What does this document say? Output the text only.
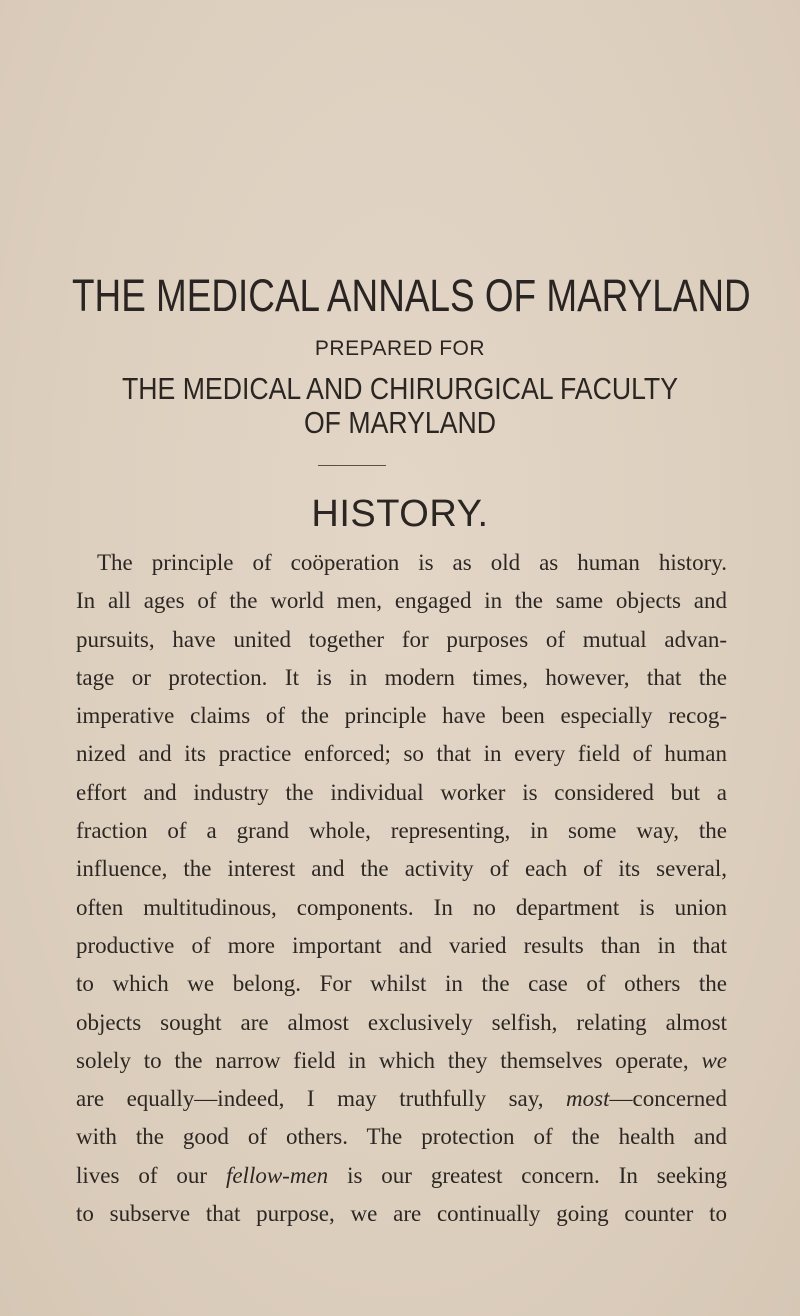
THE MEDICAL ANNALS OF MARYLAND
PREPARED FOR
THE MEDICAL AND CHIRURGICAL FACULTY
OF MARYLAND
HISTORY.
The principle of coöperation is as old as human history.
In all ages of the world men, engaged in the same objects and
pursuits, have united together for purposes of mutual advan-
tage or protection. It is in modern times, however, that the
imperative claims of the principle have been especially recog-
nized and its practice enforced; so that in every field of human
effort and industry the individual worker is considered but a
fraction of a grand whole, representing, in some way, the
influence, the interest and the activity of each of its several,
often multitudinous, components. In no department is union
productive of more important and varied results than in that
to which we belong. For whilst in the case of others the
objects sought are almost exclusively selfish, relating almost
solely to the narrow field in which they themselves operate, we
are equally—indeed, I may truthfully say, most—concerned
with the good of others. The protection of the health and
lives of our fellow-men is our greatest concern. In seeking
to subserve that purpose, we are continually going counter to
